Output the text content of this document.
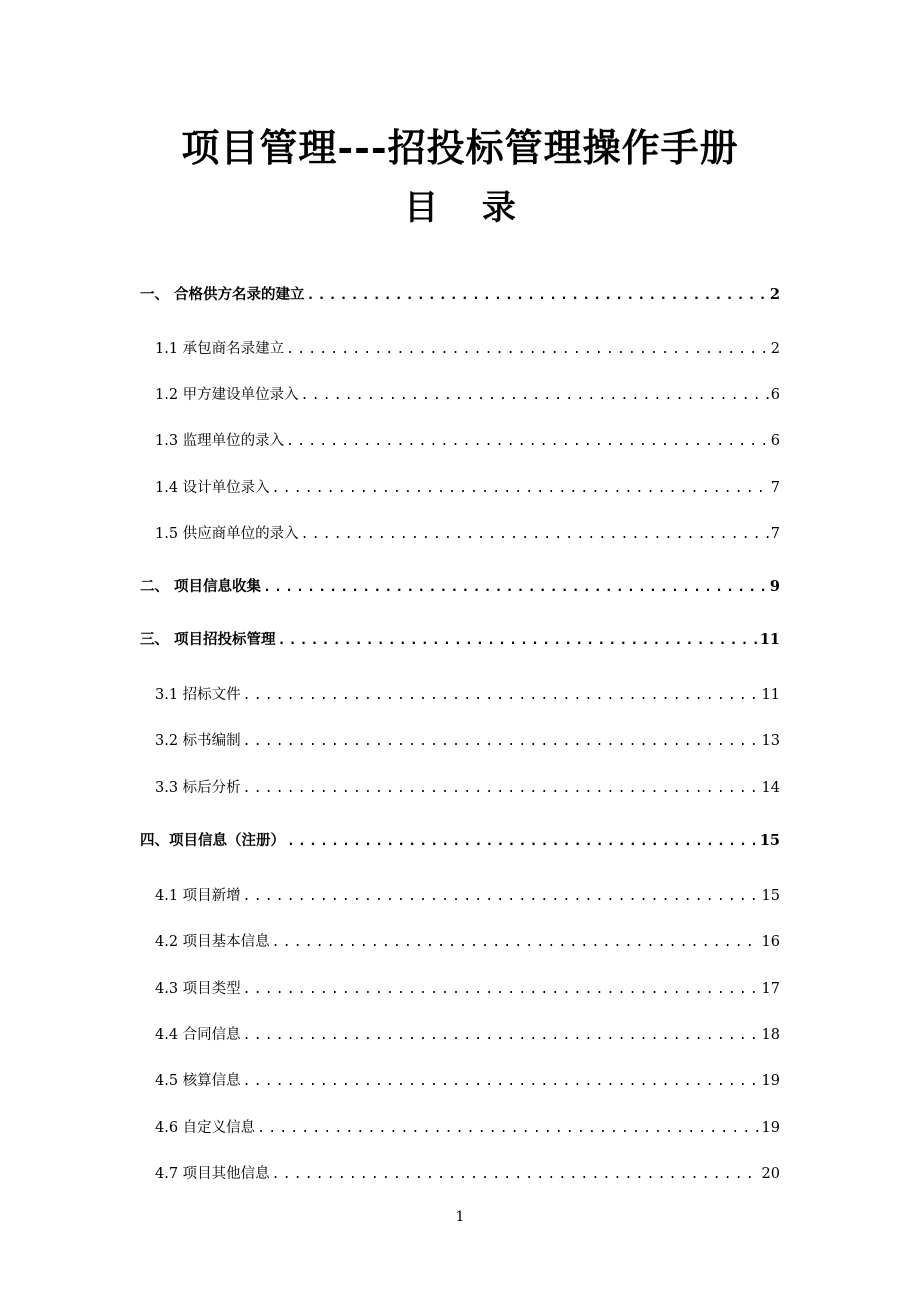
项目管理---招投标管理操作手册
目  录
一、 合格供方名录的建立 .....	2
1.1 承包商名录建立 .....	2
1.2 甲方建设单位录入 .....	6
1.3 监理单位的录入 .....	6
1.4 设计单位录入 .....	7
1.5 供应商单位的录入 .....	7
二、 项目信息收集 .....	9
三、 项目招投标管理 .....	11
3.1 招标文件 .....	11
3.2 标书编制 .....	13
3.3 标后分析 .....	14
四、项目信息（注册） .....	15
4.1 项目新增 .....	15
4.2 项目基本信息 .....	16
4.3 项目类型 .....	17
4.4 合同信息 .....	18
4.5 核算信息 .....	19
4.6 自定义信息 .....	19
4.7 项目其他信息 .....	20
1
